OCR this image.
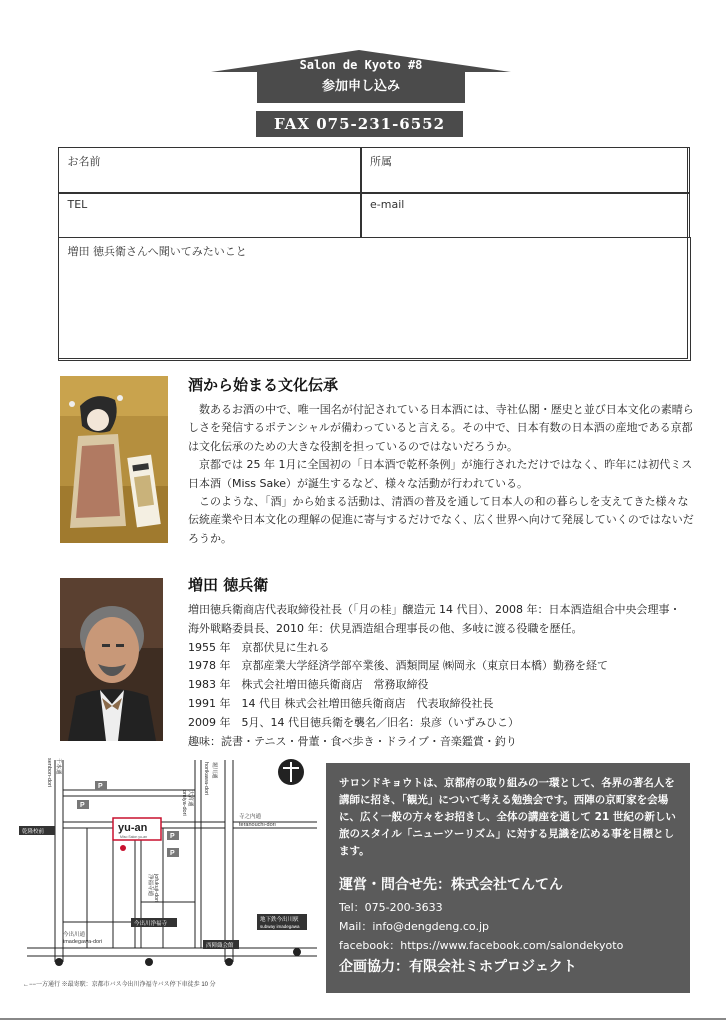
Salon de Kyoto #8
参加申し込み
FAX 075-231-6552
お名前	所属
TEL	e-mail
増田 徳兵衛さんへ聞いてみたいこと
酒から始まる文化伝承

数あるお酒の中で、唯一国名が付記されている日本酒には、寺社仏閣・歴史と並び日本文化の素晴らしさを発信するポテンシャルが備わっていると言える。その中で、日本有数の日本酒の産地である京都は文化伝承のための大きな役割を担っているのではないだろうか。

京都では 25 年 1月に全国初の「日本酒で乾杯条例」が施行されただけではなく、昨年には初代ミス日本酒（Miss Sake）が誕生するなど、様々な活動が行われている。

このような、「酒」から始まる活動は、清酒の普及を通して日本人の和の暮らしを支えてきた様々な伝統産業や日本文化の理解の促進に寄与するだけでなく、広く世界へ向けて発展していくのではないだろうか。

増田 徳兵衛
増田徳兵衛商店代表取締役社長（「月の桂」醸造元 14 代目）、2008 年：日本酒造組合中央会理事・
海外戦略委員長、2010 年：伏見酒造組合理事長の他、多岐に渡る役職を歴任。
1955 年　京都伏見に生れる
1978 年　京都産業大学経済学部卒業後、酒類問屋 ㈱岡永（東京日本橋）勤務を経て
1983 年　株式会社増田徳兵衛商店　常務取締役
1991 年　14 代目 株式会社増田徳兵衛商店　代表取締役社長
2009 年　5月、14 代目徳兵衛を襲名／旧名：泉彦（いずみひこ）
趣味：読書・テニス・骨董・食べ歩き・ドライブ・音楽鑑賞・釣り
P
P
P
P
yu-an
Miso Salon yu-an
千本通
senbon-dori	堀川通
horikawa-dori
大宮通
omiya-dori
浄福寺通 jofukuji-dori
寺之内通
teranouchi-dori
今出川通
imadegawa-dori
乾隆校前
今出川浄福寺
西陣織会館
地下鉄今出川駅
subway imadegawa
←−−一方通行 ※最寄駅：京都市バス今出川浄福寺バス停下車徒歩 10 分
サロンドキョウトは、京都府の取り組みの一環として、各界の著名人を講師に招き、「観光」について考える勉強会です。西陣の京町家を会場に、広く一般の方々をお招きし、全体の講座を通して 21 世紀の新しい旅のスタイル「ニューツーリズム」に対する見識を広める事を目標とします。
運営・問合せ先：株式会社てんてん
Tel：075-200-3633
Mail：info@dengdeng.co.jp
facebook：https://www.facebook.com/salondekyoto
企画協力：有限会社ミホプロジェクト
